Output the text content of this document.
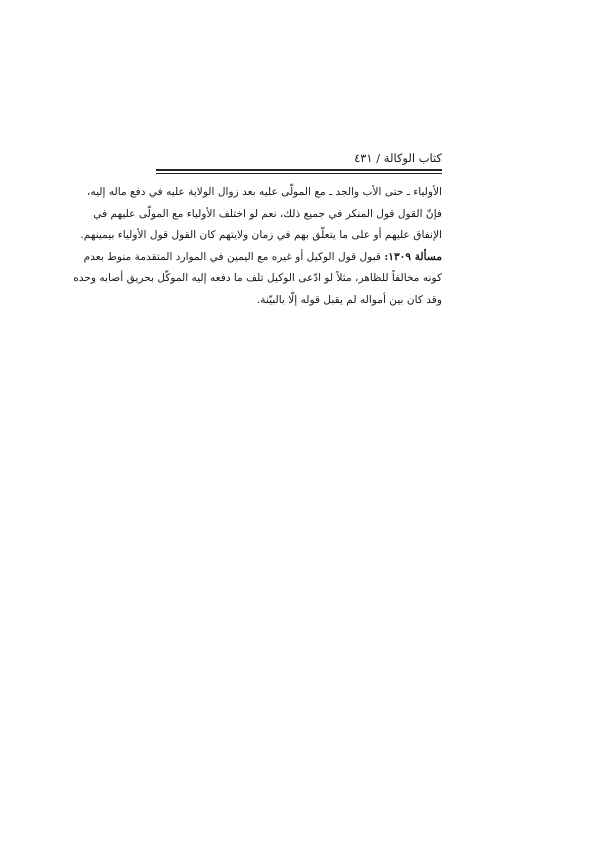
كتاب الوكالة / ٤٣١
الأولياء ـ حتى الأب والجد ـ مع المولّى عليه بعد زوال الولاية عليه في دفع ماله إليه،
فإنّ القول قول المنكر في جميع ذلك، نعم لو اختلف الأولياء مع المولّى عليهم في
الإنفاق عليهم أو على ما يتعلّق بهم في زمان ولايتهم كان القول قول الأولياء بيمينهم.
مسألة ١٣٠٩: قبول قول الوكيل أو غيره مع اليمين في الموارد المتقدمة منوط بعدم
كونه مخالفاً للظاهر، مثلاً لو ادّعى الوكيل تلف ما دفعه إليه الموكّل بحريق أصابه وحده
وقد كان بين أمواله لم يقبل قوله إلّا بالبيّنة.
